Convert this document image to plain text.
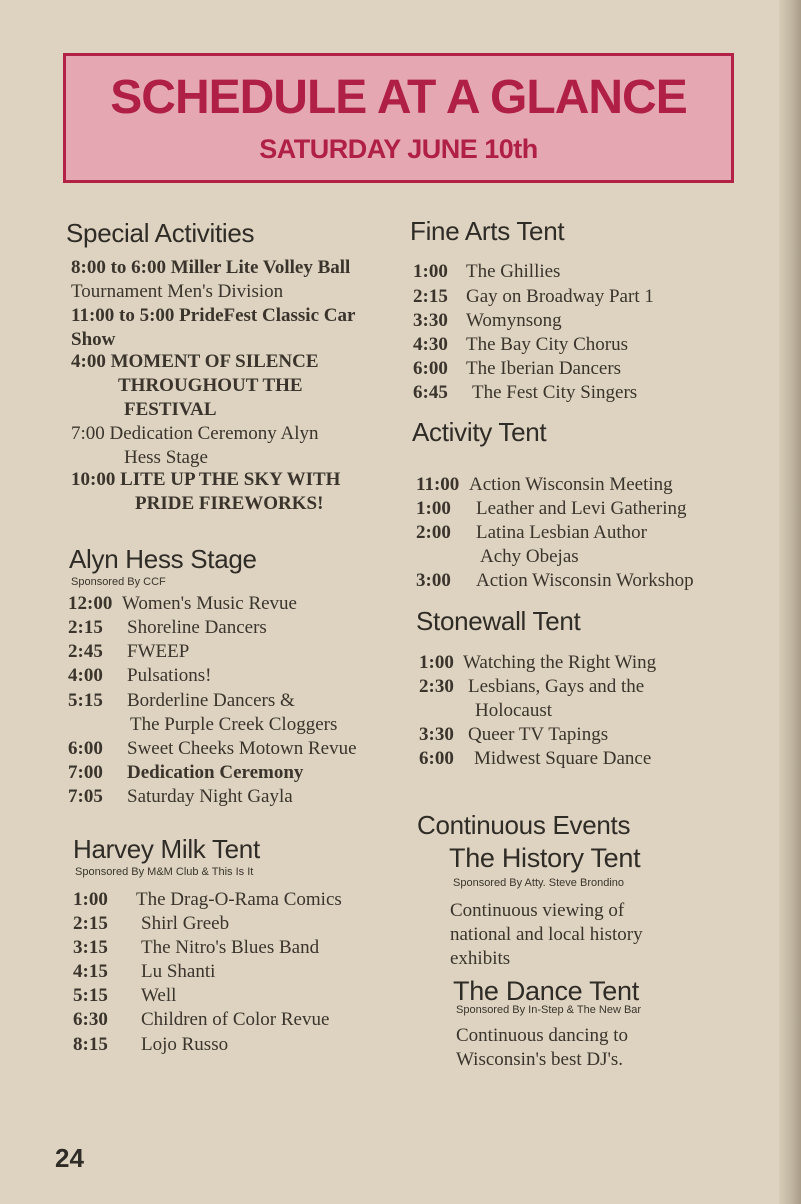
SCHEDULE AT A GLANCE
SATURDAY JUNE 10th
Special Activities
8:00 to 6:00 Miller Lite Volley Ball
Tournament Men's Division
11:00 to 5:00 PrideFest Classic Car
Show
4:00 MOMENT OF SILENCE
THROUGHOUT THE
FESTIVAL
7:00 Dedication Ceremony Alyn
Hess Stage
10:00 LITE UP THE SKY WITH
PRIDE FIREWORKS!
Alyn Hess Stage
Sponsored By CCF
12:00 Women's Music Revue
2:15 Shoreline Dancers
2:45 FWEEP
4:00 Pulsations!
5:15 Borderline Dancers &
The Purple Creek Cloggers
6:00 Sweet Cheeks Motown Revue
7:00 Dedication Ceremony
7:05 Saturday Night Gayla
Harvey Milk Tent
Sponsored By M&M Club & This Is It
1:00 The Drag-O-Rama Comics
2:15 Shirl Greeb
3:15 The Nitro's Blues Band
4:15 Lu Shanti
5:15 Well
6:30 Children of Color Revue
8:15 Lojo Russo
Fine Arts Tent
1:00 The Ghillies
2:15 Gay on Broadway Part 1
3:30 Womynsong
4:30 The Bay City Chorus
6:00 The Iberian Dancers
6:45 The Fest City Singers
Activity Tent
11:00 Action Wisconsin Meeting
1:00 Leather and Levi Gathering
2:00 Latina Lesbian Author
Achy Obejas
3:00 Action Wisconsin Workshop
Stonewall Tent
1:00 Watching the Right Wing
2:30 Lesbians, Gays and the
Holocaust
3:30 Queer TV Tapings
6:00 Midwest Square Dance
Continuous Events
The History Tent
Sponsored By Atty. Steve Brondino
Continuous viewing of
national and local history
exhibits
The Dance Tent
Sponsored By In-Step & The New Bar
Continuous dancing to
Wisconsin's best DJ's.
24
